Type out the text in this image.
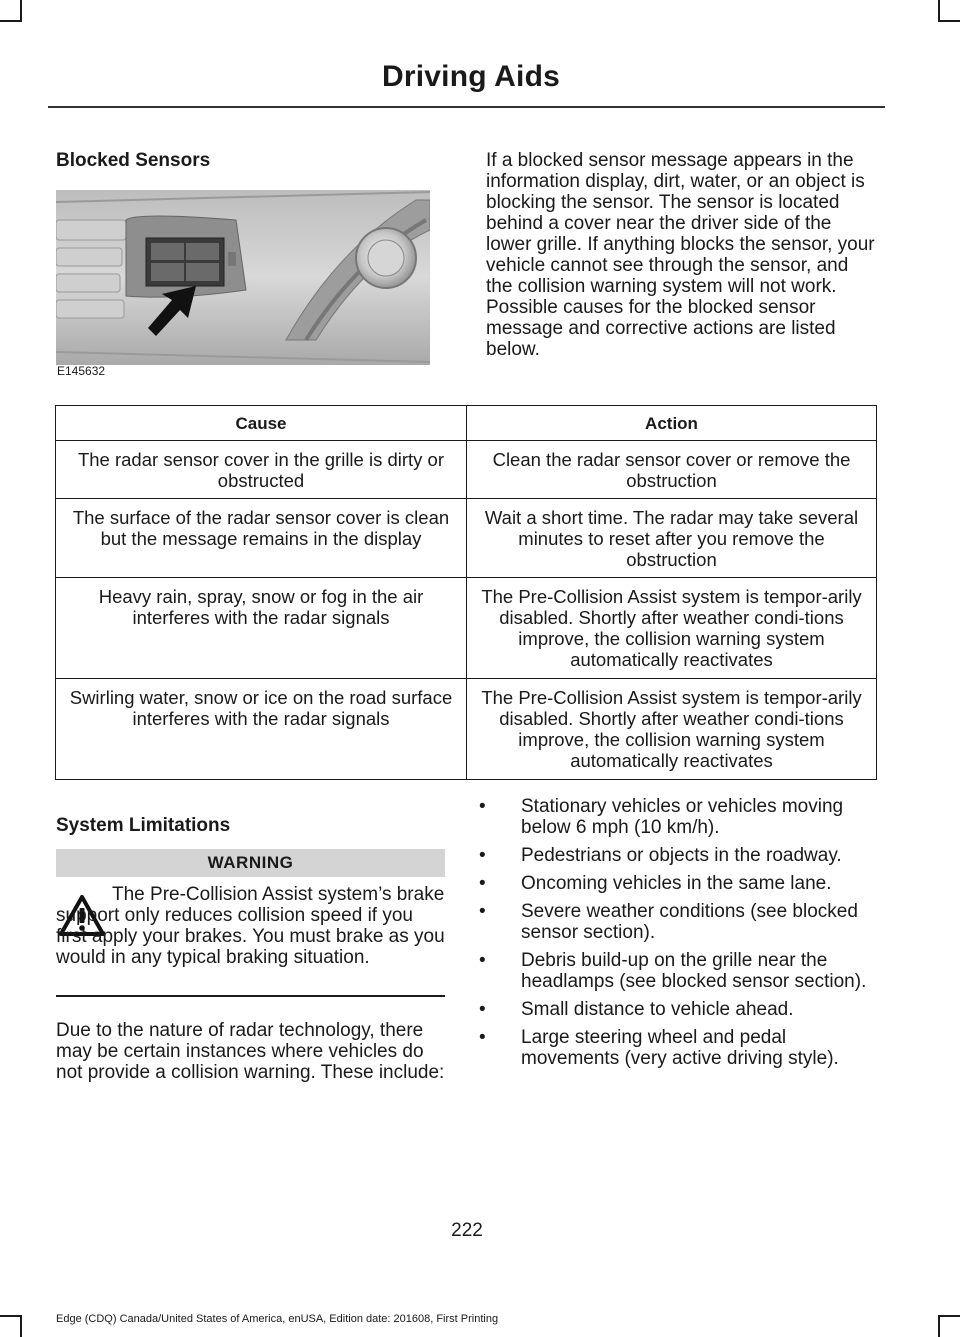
Driving Aids
Blocked Sensors
E145632
If a blocked sensor message appears in the information display, dirt, water, or an object is blocking the sensor. The sensor is located behind a cover near the driver side of the lower grille. If anything blocks the sensor, your vehicle cannot see through the sensor, and the collision warning system will not work. Possible causes for the blocked sensor message and corrective actions are listed below.
Cause	Action
The radar sensor cover in the grille is dirty or obstructed	Clean the radar sensor cover or remove the obstruction
The surface of the radar sensor cover is clean but the message remains in the display	Wait a short time. The radar may take several minutes to reset after you remove the obstruction
Heavy rain, spray, snow or fog in the air interferes with the radar signals	The Pre-Collision Assist system is tempor-arily disabled. Shortly after weather condi-tions improve, the collision warning system automatically reactivates
Swirling water, snow or ice on the road surface interferes with the radar signals	The Pre-Collision Assist system is tempor-arily disabled. Shortly after weather condi-tions improve, the collision warning system automatically reactivates
System Limitations
WARNING
The Pre-Collision Assist system’s brake support only reduces collision speed if you first apply your brakes. You must brake as you would in any typical braking situation.
Due to the nature of radar technology, there may be certain instances where vehicles do not provide a collision warning. These include:
• Stationary vehicles or vehicles moving below 6 mph (10 km/h).
• Pedestrians or objects in the roadway.
• Oncoming vehicles in the same lane.
• Severe weather conditions (see blocked sensor section).
• Debris build-up on the grille near the headlamps (see blocked sensor section).
• Small distance to vehicle ahead.
• Large steering wheel and pedal movements (very active driving style).
222
Edge (CDQ) Canada/United States of America, enUSA, Edition date: 201608, First Printing
